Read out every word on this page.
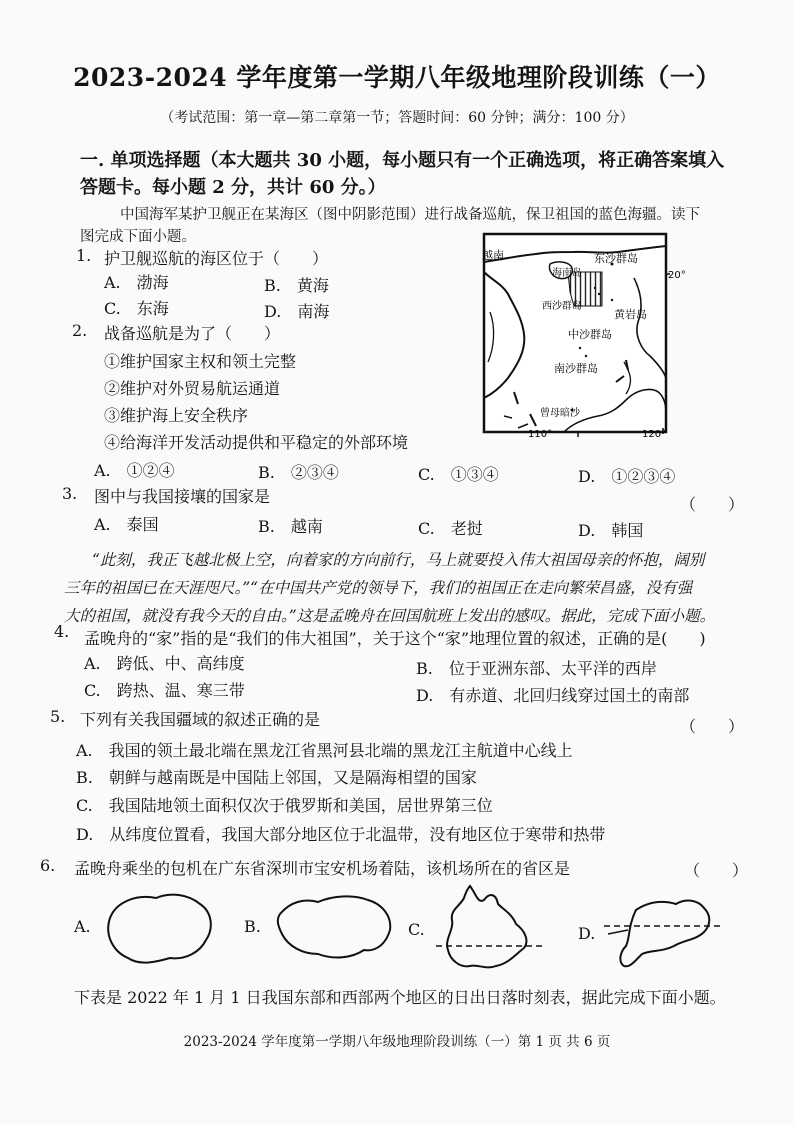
2023-2024 学年度第一学期八年级地理阶段训练（一）
（考试范围：第一章—第二章第一节；答题时间：60 分钟；满分：100 分）
一. 单项选择题（本大题共 30 小题，每小题只有一个正确选项，将正确答案填入答题卡。每小题 2 分，共计 60 分。）
中国海军某护卫舰正在某海区（图中阴影范围）进行战备巡航，保卫祖国的蓝色海疆。读下
图完成下面小题。
越南
海南岛
东沙群岛
西沙群岛
黄岩岛
中沙群岛
南沙群岛
曾母暗沙
20°
110°	120°
1. 护卫舰巡航的海区位于（　　）
A.　渤海	B.　黄海
C.　东海	D.　南海
2. 战备巡航是为了（　　）
①维护国家主权和领土完整
②维护对外贸易航运通道
③维护海上安全秩序
④给海洋开发活动提供和平稳定的外部环境
A.　①②④	B.　②③④	C.　①③④	D.　①②③④
3. 图中与我国接壤的国家是	（　　）
A.　泰国	B.　越南	C.　老挝	D.　韩国
“此刻，我正飞越北极上空，向着家的方向前行，马上就要投入伟大祖国母亲的怀抱，阔别
三年的祖国已在天涯咫尺。”“在中国共产党的领导下，我们的祖国正在走向繁荣昌盛，没有强
大的祖国，就没有我今天的自由。”这是孟晚舟在回国航班上发出的感叹。据此，完成下面小题。
4. 孟晚舟的“家”指的是“我们的伟大祖国”，关于这个“家”地理位置的叙述，正确的是(　　)
A.　跨低、中、高纬度	B.　位于亚洲东部、太平洋的西岸
C.　跨热、温、寒三带	D.　有赤道、北回归线穿过国土的南部
5. 下列有关我国疆域的叙述正确的是	（　　）
A.　我国的领土最北端在黑龙江省黑河县北端的黑龙江主航道中心线上
B.　朝鲜与越南既是中国陆上邻国，又是隔海相望的国家
C.　我国陆地领土面积仅次于俄罗斯和美国，居世界第三位
D.　从纬度位置看，我国大部分地区位于北温带，没有地区位于寒带和热带
6. 孟晚舟乘坐的包机在广东省深圳市宝安机场着陆，该机场所在的省区是	（　　）
A.	B.	C.	D.
下表是 2022 年 1 月 1 日我国东部和西部两个地区的日出日落时刻表，据此完成下面小题。
2023-2024 学年度第一学期八年级地理阶段训练（一）第 1 页 共 6 页
